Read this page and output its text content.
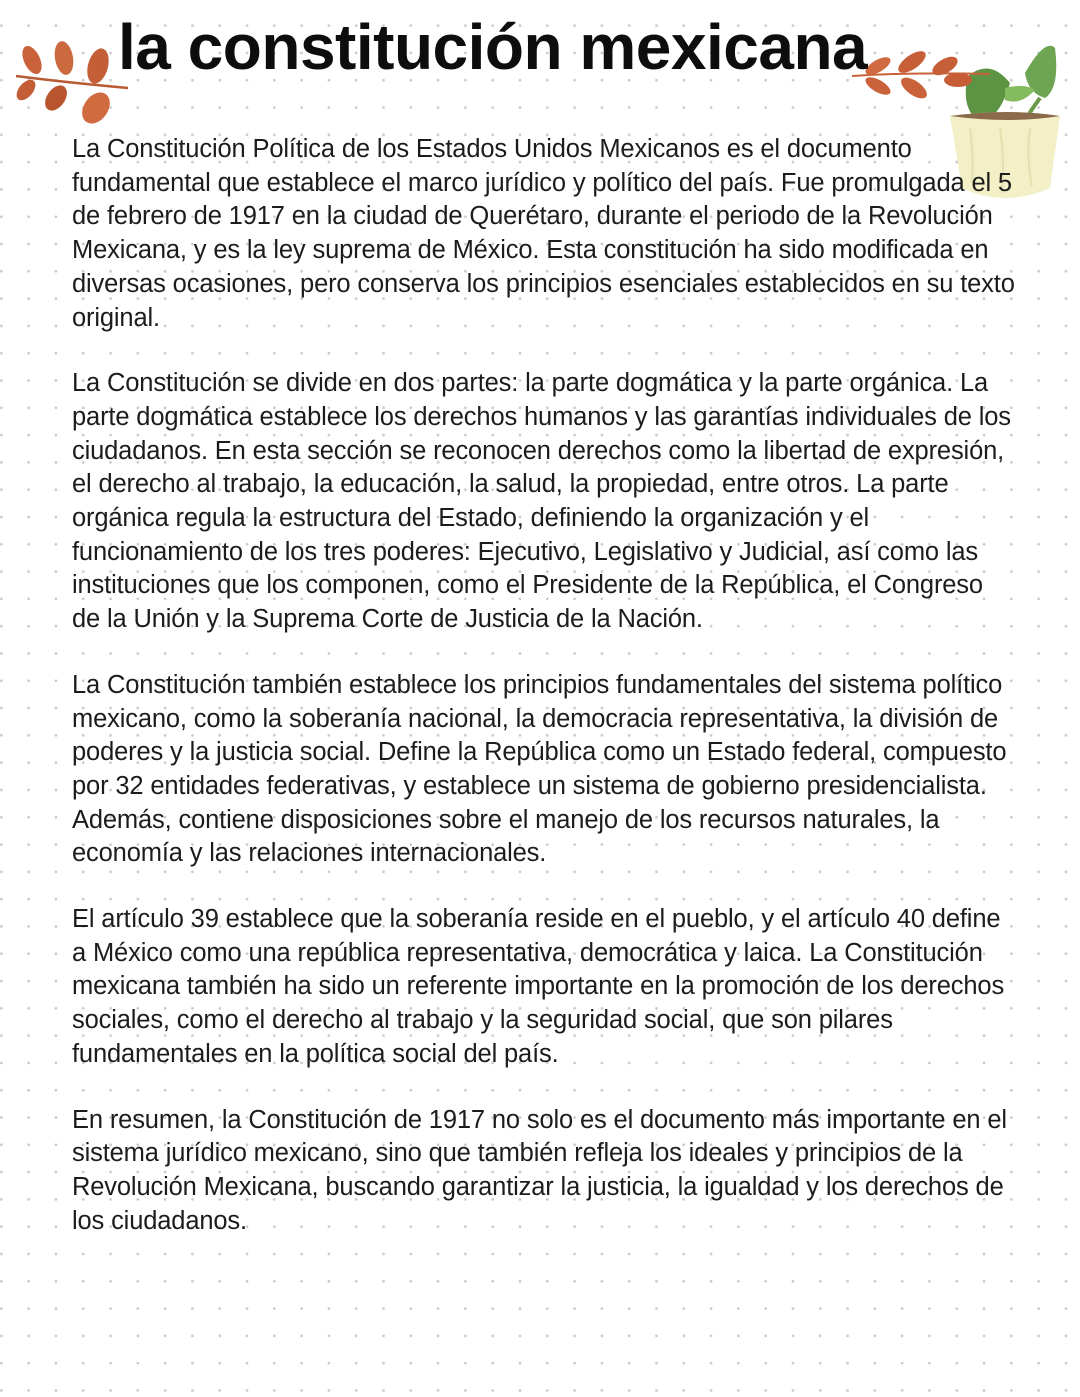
la constitución mexicana

La Constitución Política de los Estados Unidos Mexicanos es el documento fundamental que establece el marco jurídico y político del país. Fue promulgada el 5 de febrero de 1917 en la ciudad de Querétaro, durante el periodo de la Revolución Mexicana, y es la ley suprema de México. Esta constitución ha sido modificada en diversas ocasiones, pero conserva los principios esenciales establecidos en su texto original.

La Constitución se divide en dos partes: la parte dogmática y la parte orgánica. La parte dogmática establece los derechos humanos y las garantías individuales de los ciudadanos. En esta sección se reconocen derechos como la libertad de expresión, el derecho al trabajo, la educación, la salud, la propiedad, entre otros. La parte orgánica regula la estructura del Estado, definiendo la organización y el funcionamiento de los tres poderes: Ejecutivo, Legislativo y Judicial, así como las instituciones que los componen, como el Presidente de la República, el Congreso de la Unión y la Suprema Corte de Justicia de la Nación.

La Constitución también establece los principios fundamentales del sistema político mexicano, como la soberanía nacional, la democracia representativa, la división de poderes y la justicia social. Define la República como un Estado federal, compuesto por 32 entidades federativas, y establece un sistema de gobierno presidencialista. Además, contiene disposiciones sobre el manejo de los recursos naturales, la economía y las relaciones internacionales.

El artículo 39 establece que la soberanía reside en el pueblo, y el artículo 40 define a México como una república representativa, democrática y laica. La Constitución mexicana también ha sido un referente importante en la promoción de los derechos sociales, como el derecho al trabajo y la seguridad social, que son pilares fundamentales en la política social del país.

En resumen, la Constitución de 1917 no solo es el documento más importante en el sistema jurídico mexicano, sino que también refleja los ideales y principios de la Revolución Mexicana, buscando garantizar la justicia, la igualdad y los derechos de los ciudadanos.
